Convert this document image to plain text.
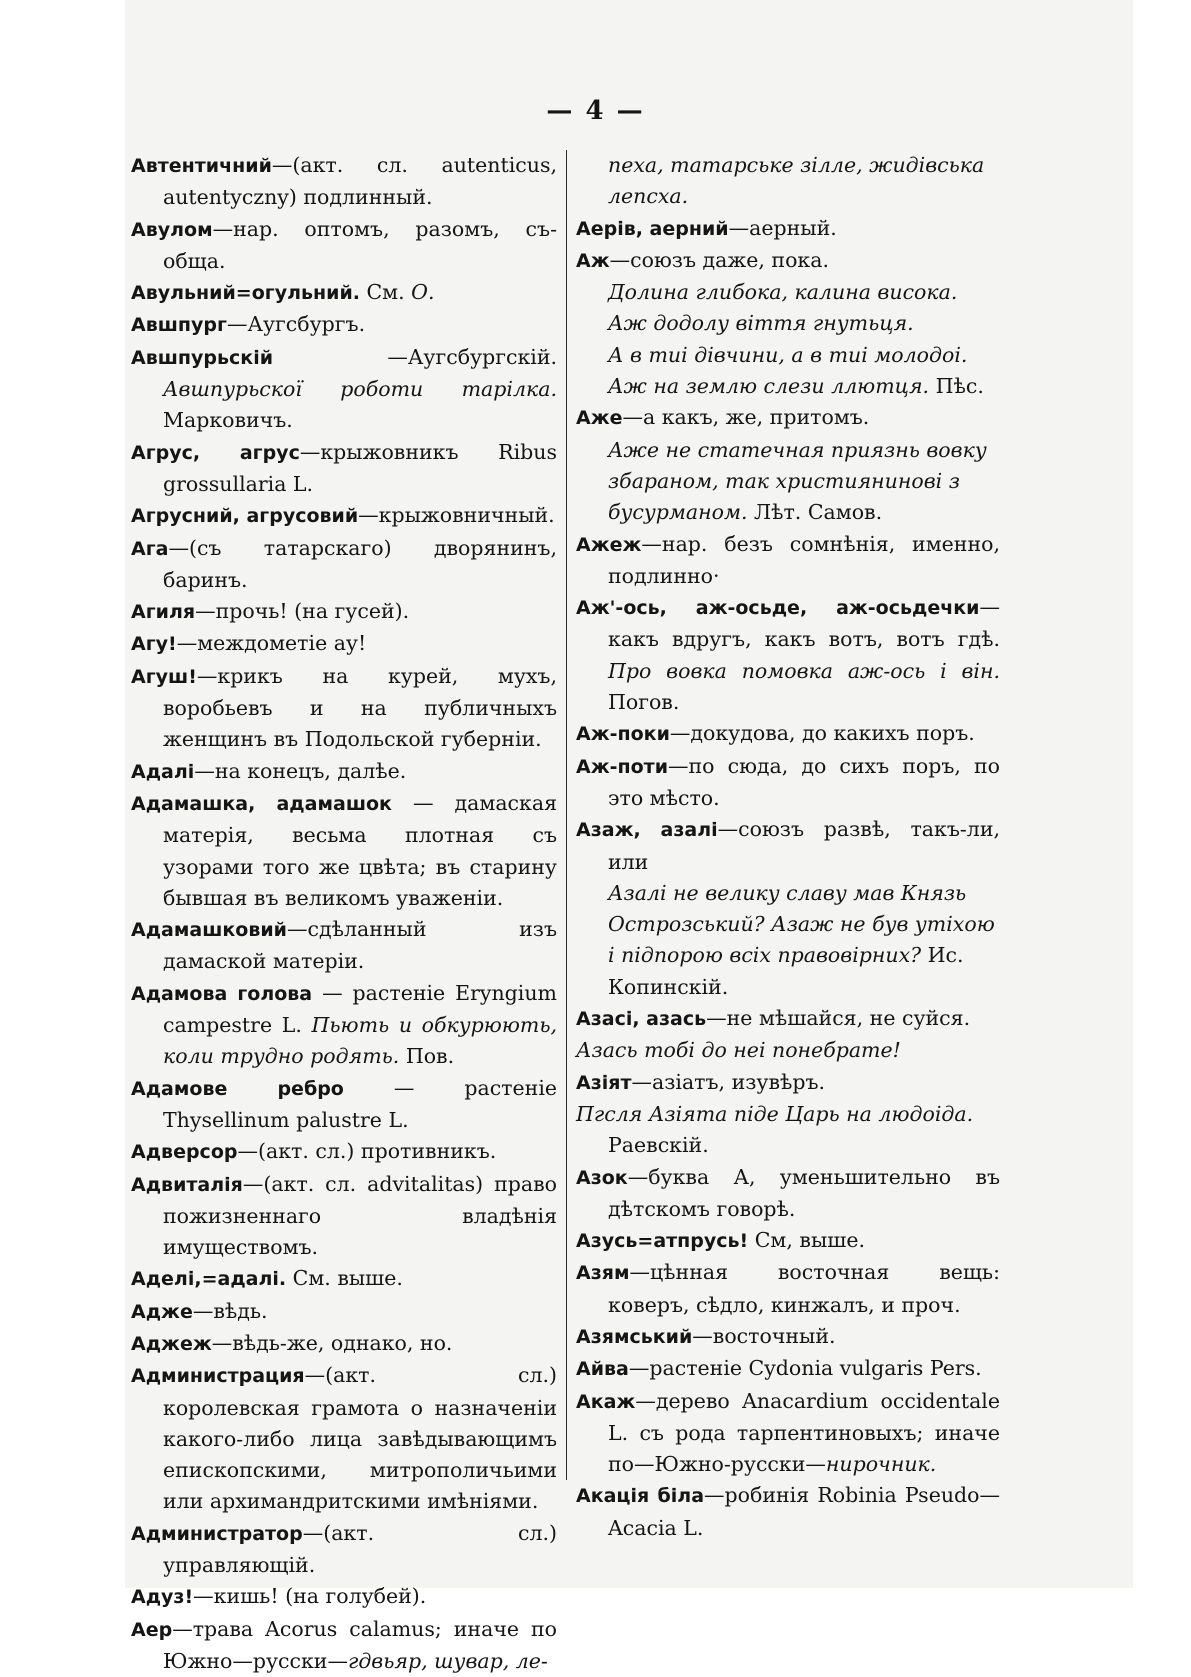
— 4 —
Автентичний—(акт. сл. autenticus, autentyczny) подлинный.
Авулом—нар. оптомъ, разомъ, съ-обща.
Авульний=огульний. См. О.
Авшпург—Аугсбургъ.
Авшпурьскій —Аугсбургскій. Авшпурьскої роботи тарілка. Марковичъ.
Агрус, агрус—крыжовникъ Ribus grossullaria L.
Агрусний, агрусовий—крыжовничный.
Ага—(съ татарскаго) дворянинъ, баринъ.
Агиля—прочь! (на гусей).
Агу!—междометіе ау!
Агуш!—крикъ на курей, мухъ, воробьевъ и на публичныхъ женщинъ въ Подольской губерніи.
Адалі—на конецъ, далѣе.
Адамашка, адамашок — дамаская матерія, весьма плотная съ узорами того же цвѣта; въ старину бывшая въ великомъ уваженіи.
Адамашковий—сдѣланный изъ дамаской матеріи.
Адамова голова — растеніе Eryngium campestre L. Пьють и обкурюють, коли трудно родять. Пов.
Адамове ребро — растеніе Thysellinum palustre L.
Адверсор—(акт. сл.) противникъ.
Адвиталія—(акт. сл. advitalitas) право пожизненнаго владѣнія имуществомъ.
Аделі,=адалі. См. выше.
Адже—вѣдь.
Аджеж—вѣдь-же, однако, но.
Администрация—(акт. сл.) королевская грамота о назначеніи какого-либо лица завѣдывающимъ епископскими, митрополичьими или архимандритскими имѣніями.
Администратор—(акт. сл.) управляющій.
Адуз!—кишь! (на голубей).
Аер—трава Acorus calamus; иначе по Южно—русски—гдвьяр, шувар, ле-
пеха, татарське зілле, жидівська лепсха.
Аерів, аерний—аерный.
Аж—союзъ даже, пока.
Долина глибока, калина висока.
Аж додолу віття гнутьця.
А в тиі дівчини, а в тиі молодоі.
Аж на землю слези ллютця. Пѣс.
Аже—а какъ, же, притомъ.
Аже не статечная приязнь вовку збараном, так християнинові з бусурманом. Лѣт. Самов.
Ажеж—нар. безъ сомнѣнія, именно, подлинно·
Аж'-ось, аж-осьде, аж-осьдечки—какъ вдругъ, какъ вотъ, вотъ гдѣ. Про вовка помовка аж-ось і він. Погов.
Аж-поки—докудова, до какихъ поръ.
Аж-поти—по сюда, до сихъ поръ, по это мѣсто.
Азаж, азалі—союзъ развѣ, такъ-ли, или
Азалі не велику славу мав Князь Острозський? Азаж не був утіхою і підпорою всіх правовірних? Ис. Копинскій.
Азасі, азась—не мѣшайся, не суйся.
Азась тобі до неі понебрате!
Азіят—азіатъ, изувѣръ.
Пгсля Азіята піде Царь на людоіда.
Раевскій.
Азок—буква А, уменьшительно въ дѣтскомъ говорѣ.
Азусь=атпрусь! См, выше.
Азям—цѣнная восточная вещь: коверъ, сѣдло, кинжалъ, и проч.
Азямський—восточный.
Айва—растеніе Cydonia vulgaris Pers.
Акаж—дерево Anacardium occidentale L. съ рода тарпентиновыхъ; иначе по—Южно-русски—нирочник.
Акація біла—робинія Robinia Pseudo—Acacia L.
